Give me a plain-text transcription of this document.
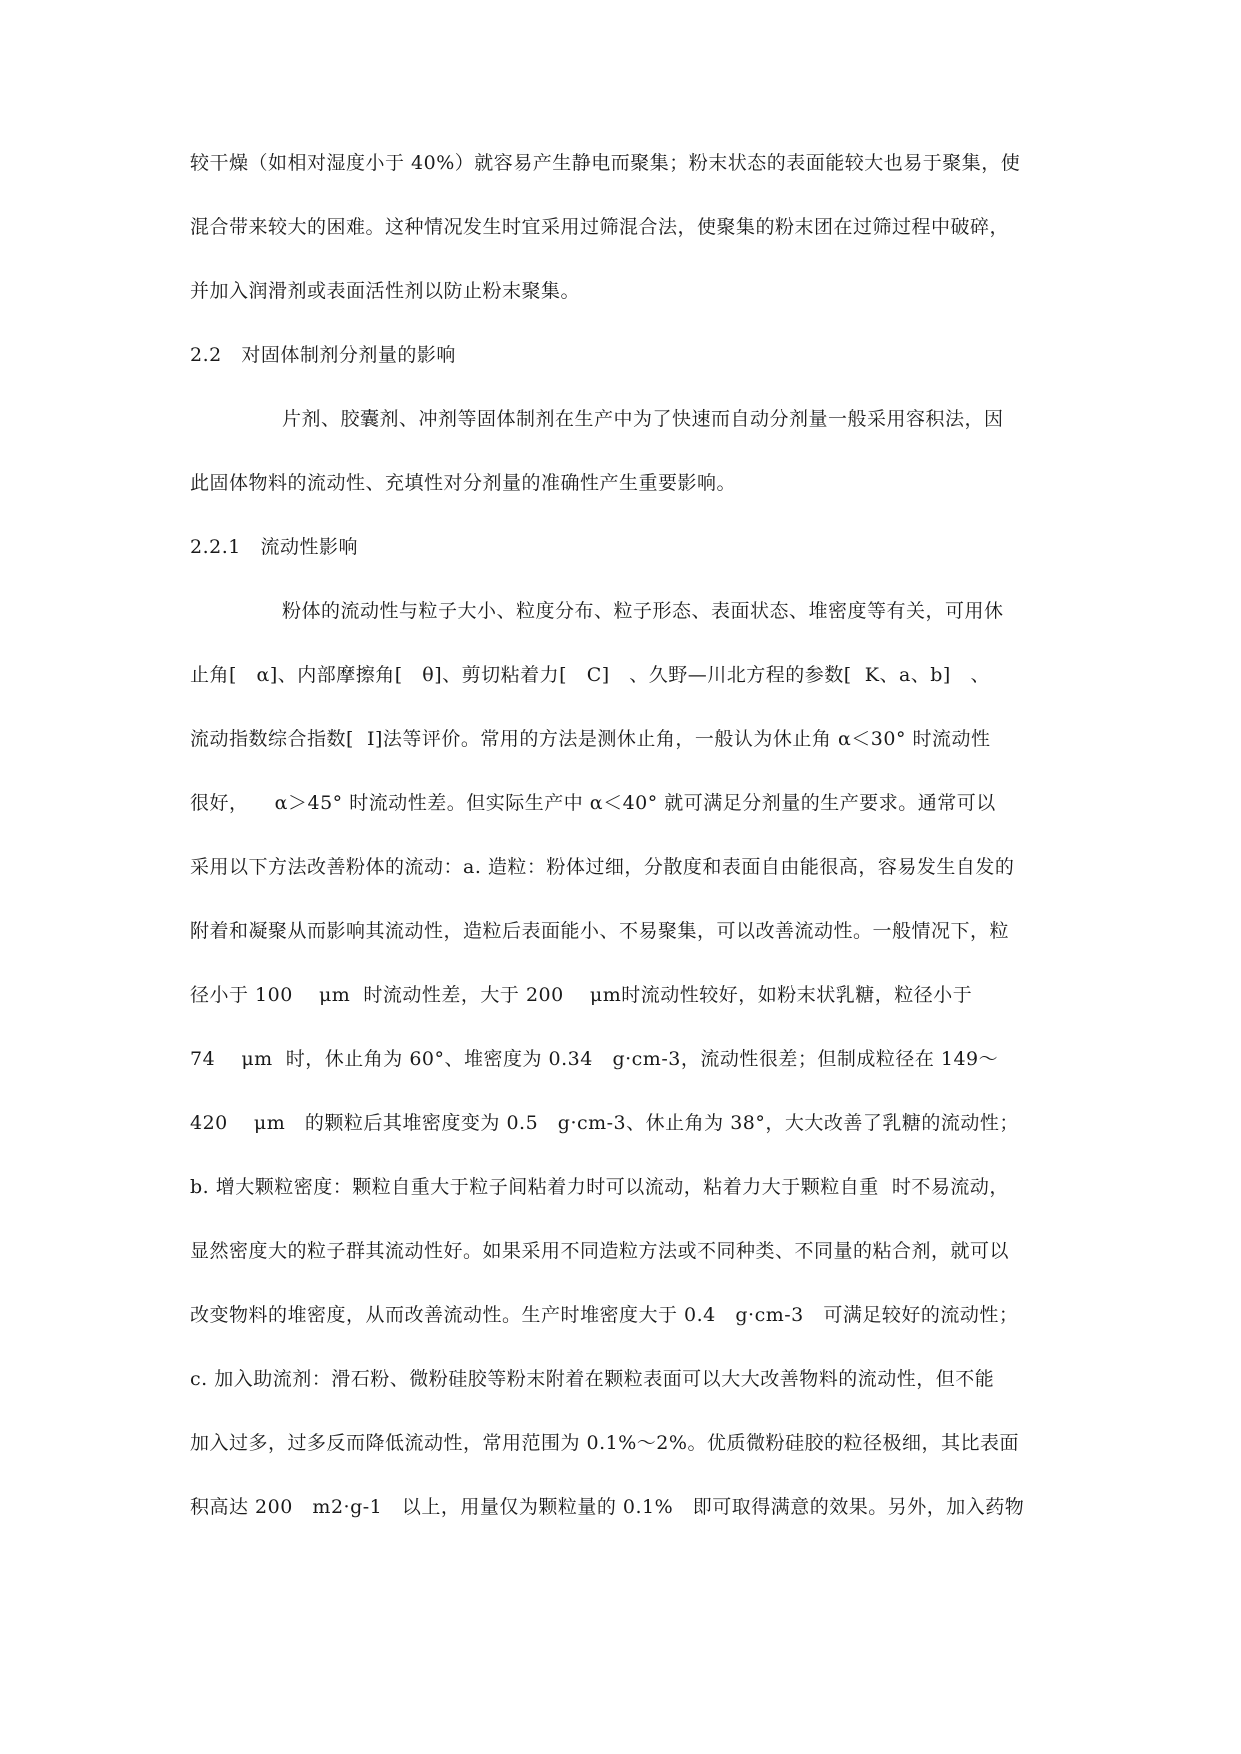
较干燥（如相对湿度小于 40%）就容易产生静电而聚集；粉末状态的表面能较大也易于聚集，使
混合带来较大的困难。这种情况发生时宜采用过筛混合法，使聚集的粉末团在过筛过程中破碎，
并加入润滑剂或表面活性剂以防止粉末聚集。
2.2   对固体制剂分剂量的影响
片剂、胶囊剂、冲剂等固体制剂在生产中为了快速而自动分剂量一般采用容积法，因
此固体物料的流动性、充填性对分剂量的准确性产生重要影响。
2.2.1   流动性影响
粉体的流动性与粒子大小、粒度分布、粒子形态、表面状态、堆密度等有关，可用休
止角[   α]、内部摩擦角[   θ]、剪切粘着力[   C]   、久野—川北方程的参数[  K、a、b]   、
流动指数综合指数[  I]法等评价。常用的方法是测休止角，一般认为休止角 α＜30° 时流动性
很好，    α＞45° 时流动性差。但实际生产中 α＜40° 就可满足分剂量的生产要求。通常可以
采用以下方法改善粉体的流动：a. 造粒：粉体过细，分散度和表面自由能很高，容易发生自发的
附着和凝聚从而影响其流动性，造粒后表面能小、不易聚集，可以改善流动性。一般情况下，粒
径小于 100    μm  时流动性差，大于 200    μm时流动性较好，如粉末状乳糖，粒径小于
74    μm  时，休止角为 60°、堆密度为 0.34   g·cm-3，流动性很差；但制成粒径在 149～
420    μm   的颗粒后其堆密度变为 0.5   g·cm-3、休止角为 38°，大大改善了乳糖的流动性；
b. 增大颗粒密度：颗粒自重大于粒子间粘着力时可以流动，粘着力大于颗粒自重  时不易流动，
显然密度大的粒子群其流动性好。如果采用不同造粒方法或不同种类、不同量的粘合剂，就可以
改变物料的堆密度，从而改善流动性。生产时堆密度大于 0.4   g·cm-3   可满足较好的流动性；
c. 加入助流剂：滑石粉、微粉硅胶等粉末附着在颗粒表面可以大大改善物料的流动性，但不能
加入过多，过多反而降低流动性，常用范围为 0.1%～2%。优质微粉硅胶的粒径极细，其比表面
积高达 200   m2·g-1   以上，用量仅为颗粒量的 0.1%   即可取得满意的效果。另外，加入药物
